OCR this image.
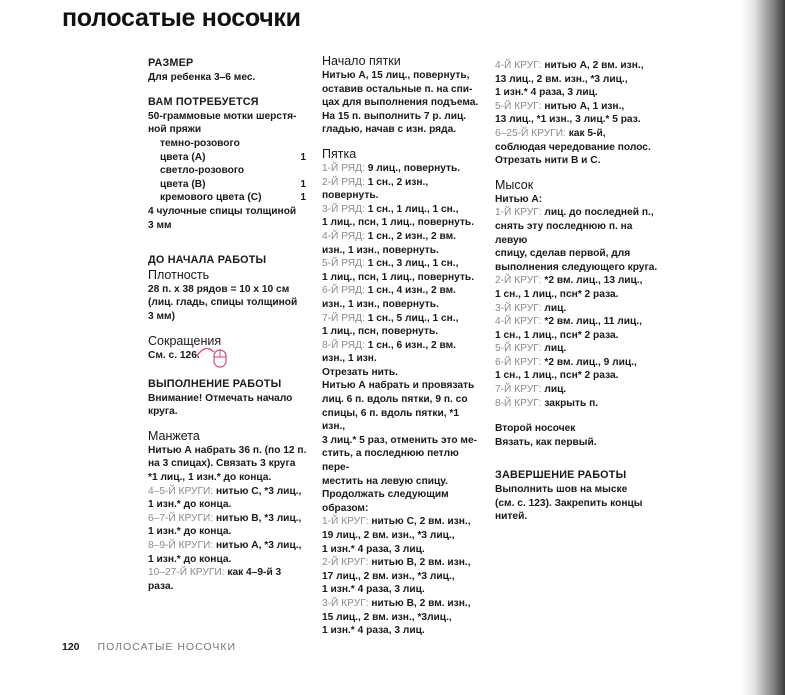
полосатые носочки
РАЗМЕР
Для ребенка 3–6 мес.
ВАМ ПОТРЕБУЕТСЯ
50-граммовые мотки шерстя-
ной пряжи
темно-розового
цвета (A)	1
светло-розового
цвета (B)	1
кремового цвета (C)	1
4 чулочные спицы толщиной
3 мм
ДО НАЧАЛА РАБОТЫ
Плотность
28 п. х 38 рядов = 10 х 10 см
(лиц. гладь, спицы толщиной
3 мм)
Сокращения
См. с. 126.
ВЫПОЛНЕНИЕ РАБОТЫ
Внимание! Отмечать начало
круга.
Манжета
Нитью А набрать 36 п. (по 12 п.
на 3 спицах). Связать 3 круга
*1 лиц., 1 изн.* до конца.
4–5-Й КРУГИ: нитью С, *3 лиц.,
1 изн.* до конца.
6–7-Й КРУГИ: нитью В, *3 лиц.,
1 изн.* до конца.
8–9-Й КРУГИ: нитью А, *3 лиц.,
1 изн.* до конца.
10–27-Й КРУГИ: как 4–9-й 3 раза.
Начало пятки
Нитью А, 15 лиц., повернуть,
оставив остальные п. на спи-
цах для выполнения подъема.
На 15 п. выполнить 7 р. лиц.
гладью, начав с изн. ряда.
Пятка
1-Й РЯД: 9 лиц., повернуть.
2-Й РЯД: 1 сн., 2 изн.,
повернуть.
3-Й РЯД: 1 сн., 1 лиц., 1 сн.,
1 лиц., псн, 1 лиц., повернуть.
4-Й РЯД: 1 сн., 2 изн., 2 вм.
изн., 1 изн., повернуть.
5-Й РЯД: 1 сн., 3 лиц., 1 сн.,
1 лиц., псн, 1 лиц., повернуть.
6-Й РЯД: 1 сн., 4 изн., 2 вм.
изн., 1 изн., повернуть.
7-Й РЯД: 1 сн., 5 лиц., 1 сн.,
1 лиц., псн, повернуть.
8-Й РЯД: 1 сн., 6 изн., 2 вм.
изн., 1 изн.
Отрезать нить.
Нитью А набрать и провязать
лиц. 6 п. вдоль пятки, 9 п. со
спицы, 6 п. вдоль пятки, *1 изн.,
3 лиц.* 5 раз, отменить это ме-
стить, а последнюю петлю пере-
местить на левую спицу.
Продолжать следующим
образом:
1-Й КРУГ: нитью С, 2 вм. изн.,
19 лиц., 2 вм. изн., *3 лиц.,
1 изн.* 4 раза, 3 лиц.
2-Й КРУГ: нитью В, 2 вм. изн.,
17 лиц., 2 вм. изн., *3 лиц.,
1 изн.* 4 раза, 3 лиц.
3-Й КРУГ: нитью В, 2 вм. изн.,
15 лиц., 2 вм. изн., *3лиц.,
1 изн.* 4 раза, 3 лиц.
4-Й КРУГ: нитью А, 2 вм. изн.,
13 лиц., 2 вм. изн., *3 лиц.,
1 изн.* 4 раза, 3 лиц.
5-Й КРУГ: нитью А, 1 изн.,
13 лиц., *1 изн., 3 лиц.* 5 раз.
6–25-Й КРУГИ: как 5-й,
соблюдая чередование полос.
Отрезать нити В и С.
Мысок
Нитью А:
1-Й КРУГ: лиц. до последней п.,
снять эту последнюю п. на левую
спицу, сделав первой, для
выполнения следующего круга.
2-Й КРУГ: *2 вм. лиц., 13 лиц.,
1 сн., 1 лиц., псн* 2 раза.
3-Й КРУГ: лиц.
4-Й КРУГ: *2 вм. лиц., 11 лиц.,
1 сн., 1 лиц., псн* 2 раза.
5-Й КРУГ: лиц.
6-Й КРУГ: *2 вм. лиц., 9 лиц.,
1 сн., 1 лиц., псн* 2 раза.
7-Й КРУГ: лиц.
8-Й КРУГ: закрыть п.
Второй носочек
Вязать, как первый.
ЗАВЕРШЕНИЕ РАБОТЫ
Выполнить шов на мыске
(см. с. 123). Закрепить концы
нитей.
120 ПОЛОСАТЫЕ НОСОЧКИ
